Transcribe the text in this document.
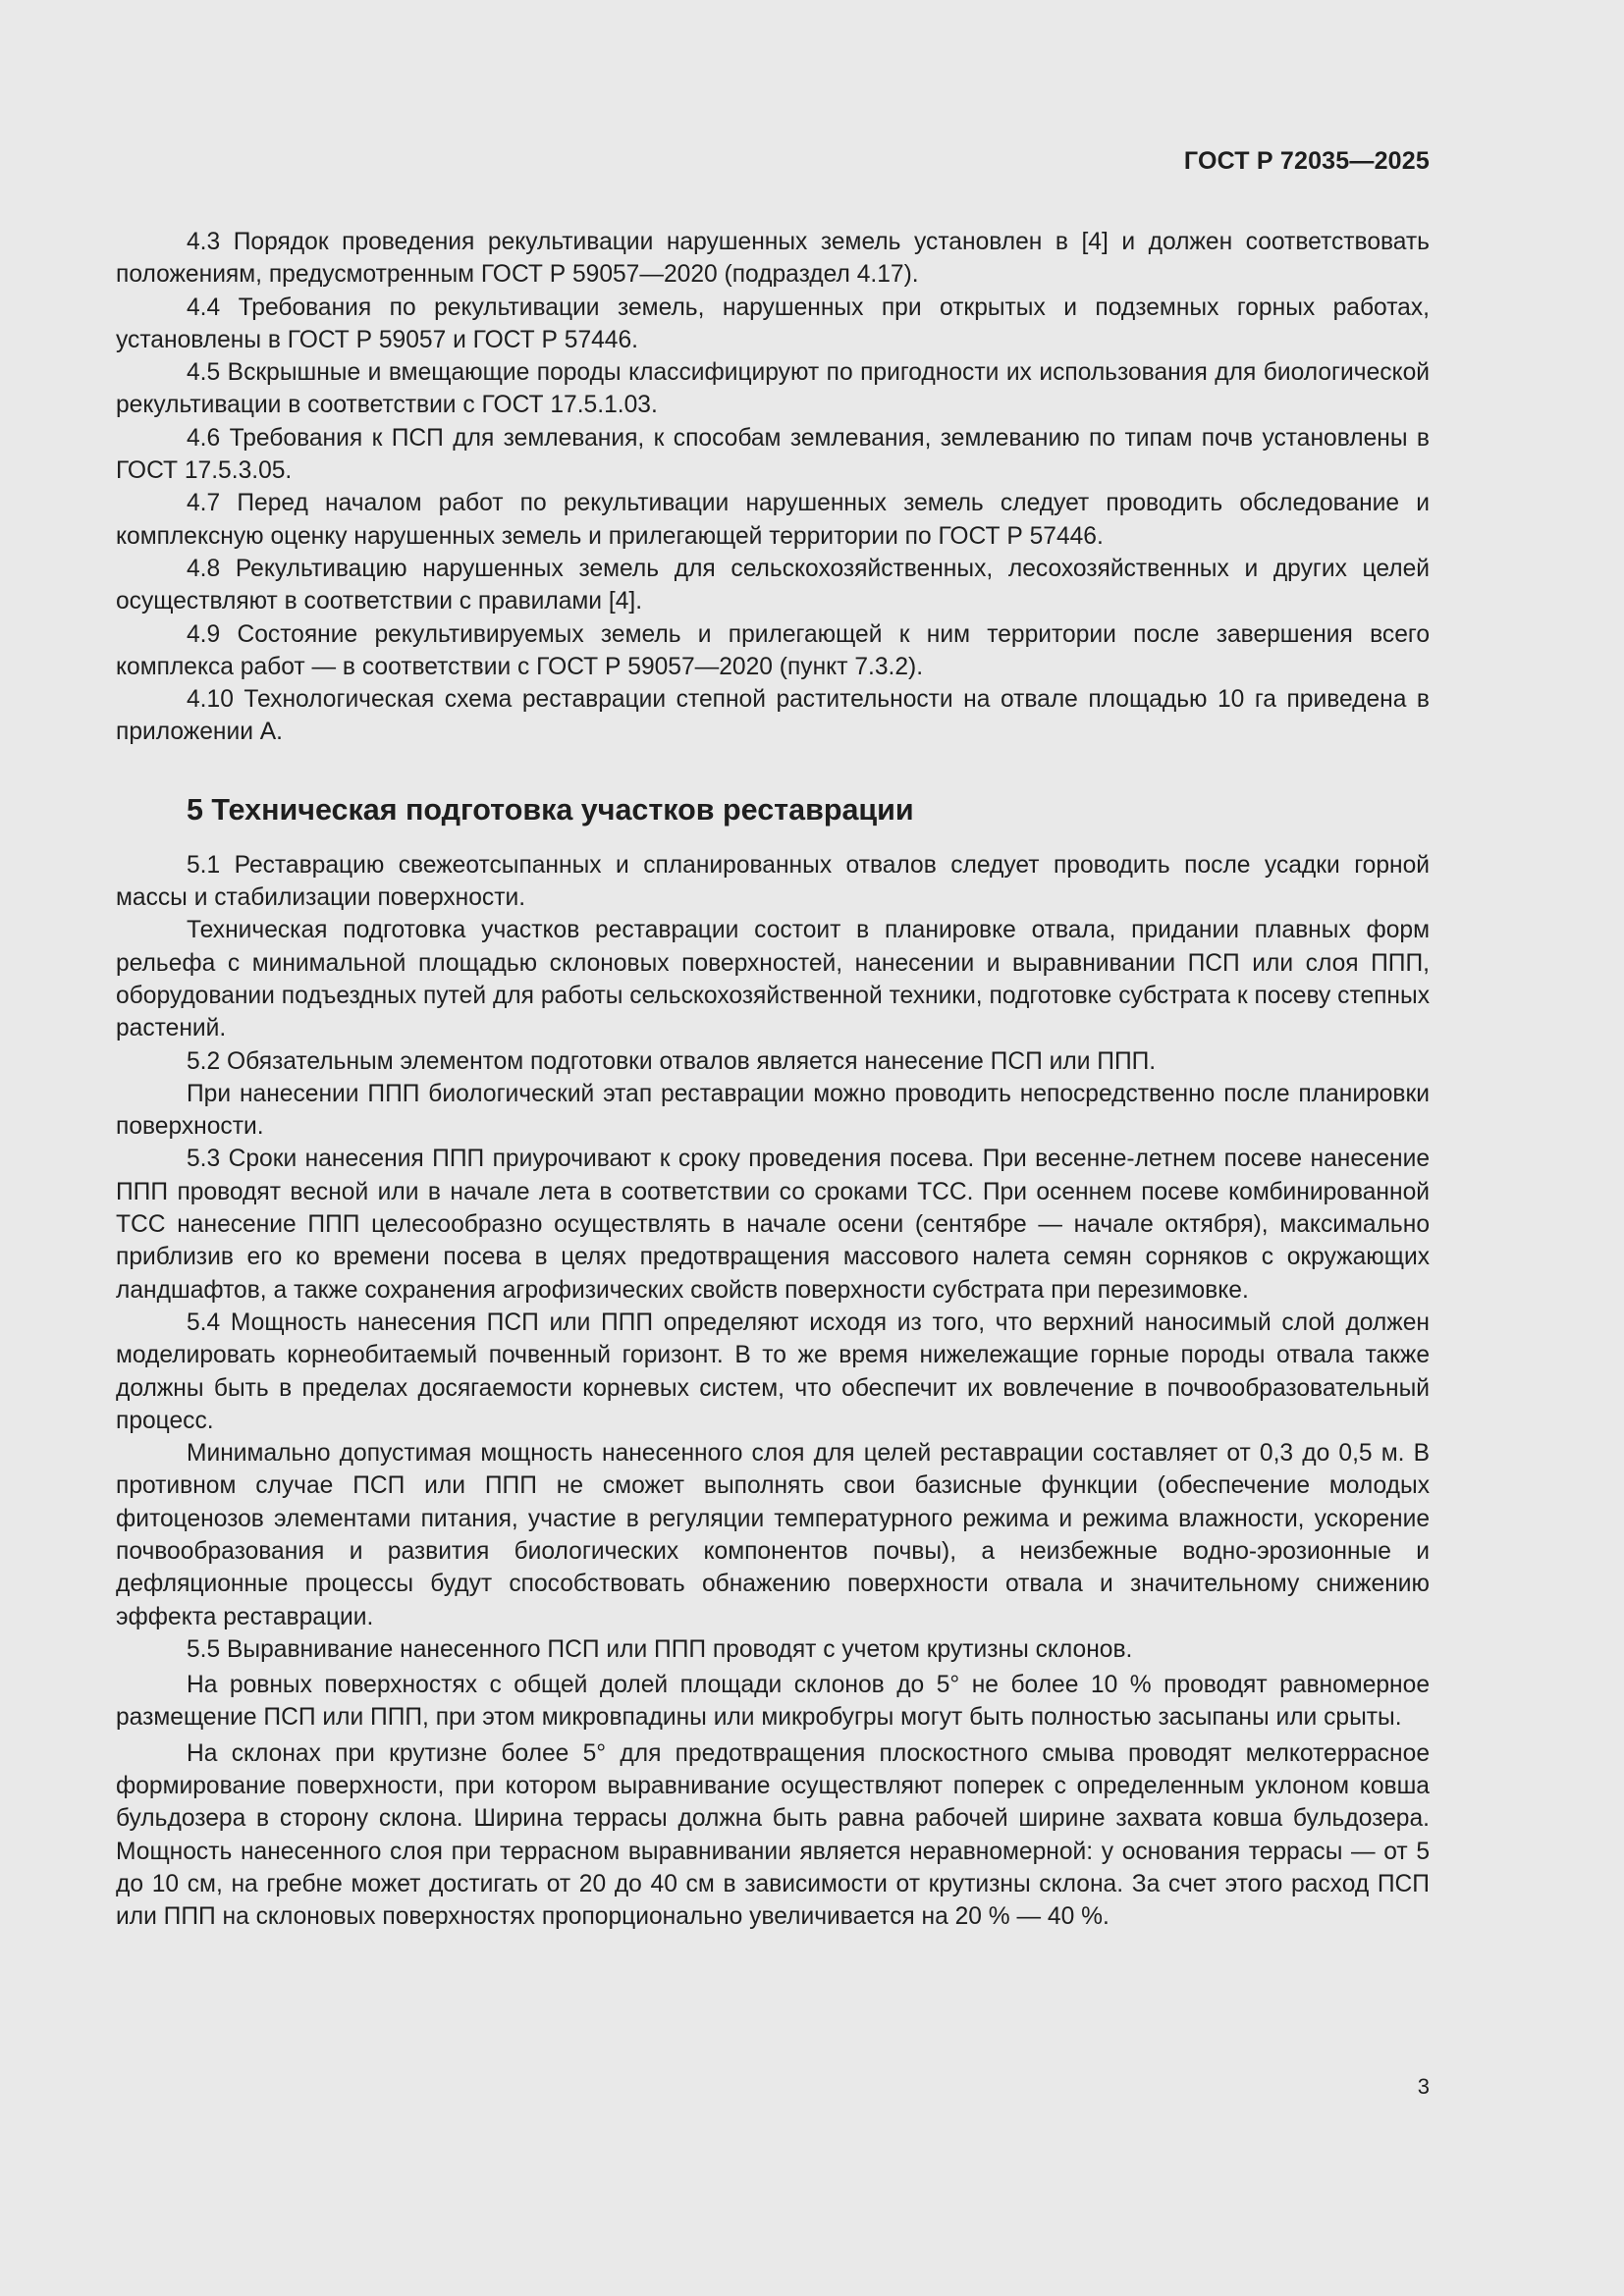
ГОСТ Р 72035—2025

4.3 Порядок проведения рекультивации нарушенных земель установлен в [4] и должен соответствовать положениям, предусмотренным ГОСТ Р 59057—2020 (подраздел 4.17).

4.4 Требования по рекультивации земель, нарушенных при открытых и подземных горных работах, установлены в ГОСТ Р 59057 и ГОСТ Р 57446.

4.5 Вскрышные и вмещающие породы классифицируют по пригодности их использования для биологической рекультивации в соответствии с ГОСТ 17.5.1.03.

4.6 Требования к ПСП для землевания, к способам землевания, землеванию по типам почв установлены в ГОСТ 17.5.3.05.

4.7 Перед началом работ по рекультивации нарушенных земель следует проводить обследование и комплексную оценку нарушенных земель и прилегающей территории по ГОСТ Р 57446.

4.8 Рекультивацию нарушенных земель для сельскохозяйственных, лесохозяйственных и других целей осуществляют в соответствии с правилами [4].

4.9 Состояние рекультивируемых земель и прилегающей к ним территории после завершения всего комплекса работ — в соответствии с ГОСТ Р 59057—2020 (пункт 7.3.2).

4.10 Технологическая схема реставрации степной растительности на отвале площадью 10 га приведена в приложении А.

5 Техническая подготовка участков реставрации

5.1 Реставрацию свежеотсыпанных и спланированных отвалов следует проводить после усадки горной массы и стабилизации поверхности.

Техническая подготовка участков реставрации состоит в планировке отвала, придании плавных форм рельефа с минимальной площадью склоновых поверхностей, нанесении и выравнивании ПСП или слоя ППП, оборудовании подъездных путей для работы сельскохозяйственной техники, подготовке субстрата к посеву степных растений.

5.2 Обязательным элементом подготовки отвалов является нанесение ПСП или ППП.

При нанесении ППП биологический этап реставрации можно проводить непосредственно после планировки поверхности.

5.3 Сроки нанесения ППП приурочивают к сроку проведения посева. При весенне-летнем посеве нанесение ППП проводят весной или в начале лета в соответствии со сроками ТСС. При осеннем посеве комбинированной ТСС нанесение ППП целесообразно осуществлять в начале осени (сентябре — начале октября), максимально приблизив его ко времени посева в целях предотвращения массового налета семян сорняков с окружающих ландшафтов, а также сохранения агрофизических свойств поверхности субстрата при перезимовке.

5.4 Мощность нанесения ПСП или ППП определяют исходя из того, что верхний наносимый слой должен моделировать корнеобитаемый почвенный горизонт. В то же время нижележащие горные породы отвала также должны быть в пределах досягаемости корневых систем, что обеспечит их вовлечение в почвообразовательный процесс.

Минимально допустимая мощность нанесенного слоя для целей реставрации составляет от 0,3 до 0,5 м. В противном случае ПСП или ППП не сможет выполнять свои базисные функции (обеспечение молодых фитоценозов элементами питания, участие в регуляции температурного режима и режима влажности, ускорение почвообразования и развития биологических компонентов почвы), а неизбежные водно-эрозионные и дефляционные процессы будут способствовать обнажению поверхности отвала и значительному снижению эффекта реставрации.

5.5 Выравнивание нанесенного ПСП или ППП проводят с учетом крутизны склонов.

На ровных поверхностях с общей долей площади склонов до 5° не более 10 % проводят равномерное размещение ПСП или ППП, при этом микровпадины или микробугры могут быть полностью засыпаны или срыты.

На склонах при крутизне более 5° для предотвращения плоскостного смыва проводят мелкотеррасное формирование поверхности, при котором выравнивание осуществляют поперек с определенным уклоном ковша бульдозера в сторону склона. Ширина террасы должна быть равна рабочей ширине захвата ковша бульдозера. Мощность нанесенного слоя при террасном выравнивании является неравномерной: у основания террасы — от 5 до 10 см, на гребне может достигать от 20 до 40 см в зависимости от крутизны склона. За счет этого расход ПСП или ППП на склоновых поверхностях пропорционально увеличивается на 20 % — 40 %.

3
